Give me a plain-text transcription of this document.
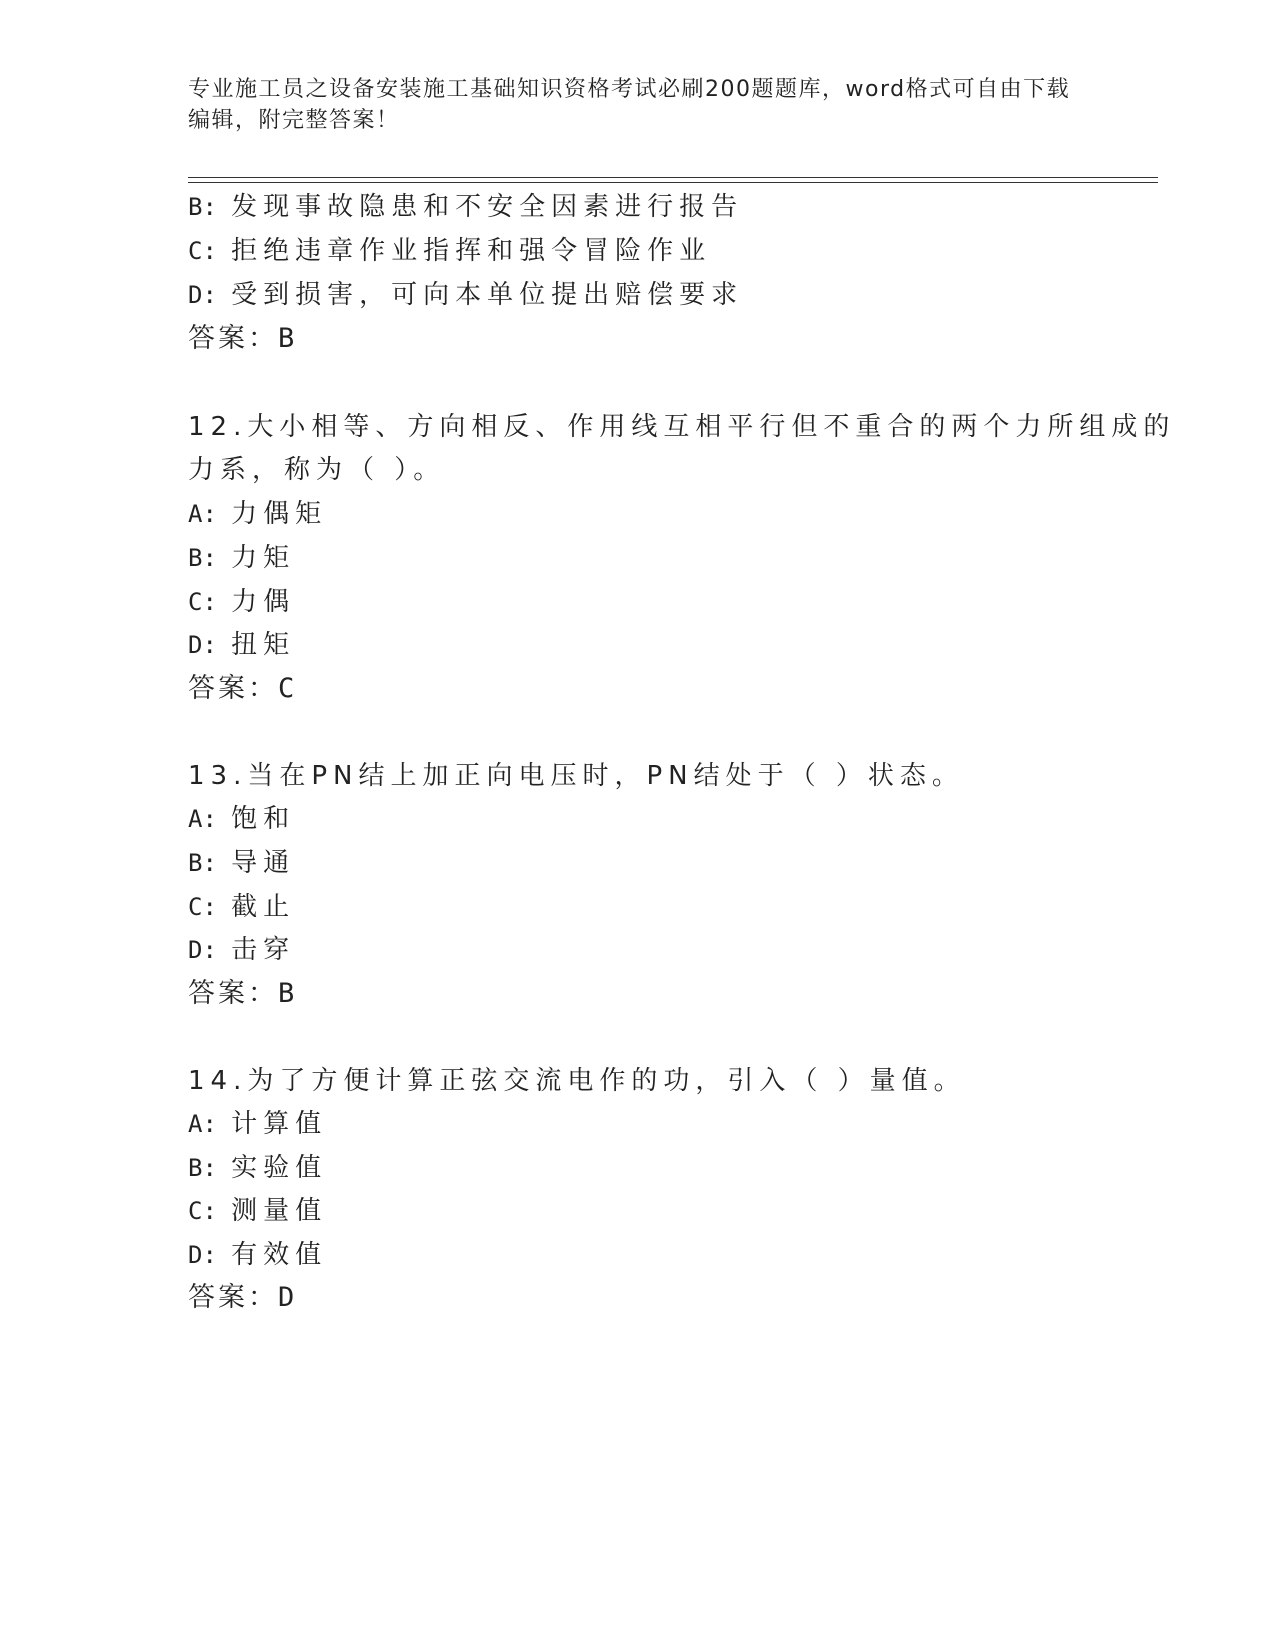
专业施工员之设备安装施工基础知识资格考试必刷200题题库，word格式可自由下载编辑，附完整答案！
B: 发现事故隐患和不安全因素进行报告
C: 拒绝违章作业指挥和强令冒险作业
D: 受到损害，可向本单位提出赔偿要求
答案：B
12.大小相等、方向相反、作用线互相平行但不重合的两个力所组成的
力系，称为（ ）。
A: 力偶矩
B: 力矩
C: 力偶
D: 扭矩
答案：C
13.当在PN结上加正向电压时，PN结处于（ ）状态。
A: 饱和
B: 导通
C: 截止
D: 击穿
答案：B
14.为了方便计算正弦交流电作的功，引入（ ）量值。
A: 计算值
B: 实验值
C: 测量值
D: 有效值
答案：D
